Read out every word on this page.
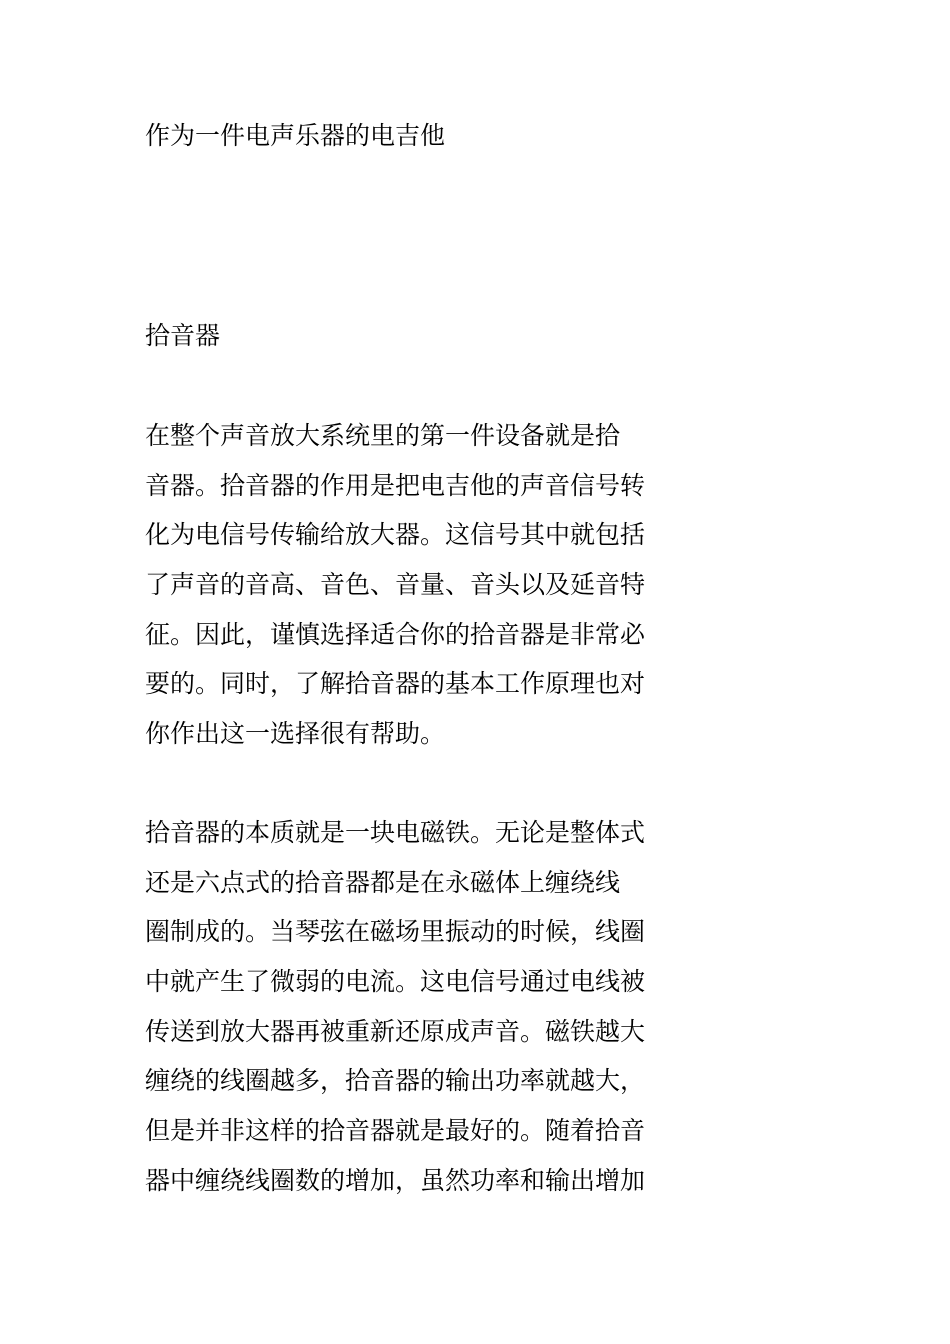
作为一件电声乐器的电吉他
拾音器
在整个声音放大系统里的第一件设备就是拾
音器。拾音器的作用是把电吉他的声音信号转
化为电信号传输给放大器。这信号其中就包括
了声音的音高、音色、音量、音头以及延音特
征。因此，谨慎选择适合你的拾音器是非常必
要的。同时，了解拾音器的基本工作原理也对
你作出这一选择很有帮助。
拾音器的本质就是一块电磁铁。无论是整体式
还是六点式的拾音器都是在永磁体上缠绕线
圈制成的。当琴弦在磁场里振动的时候，线圈
中就产生了微弱的电流。这电信号通过电线被
传送到放大器再被重新还原成声音。磁铁越大
缠绕的线圈越多，拾音器的输出功率就越大，
但是并非这样的拾音器就是最好的。随着拾音
器中缠绕线圈数的增加，虽然功率和输出增加
